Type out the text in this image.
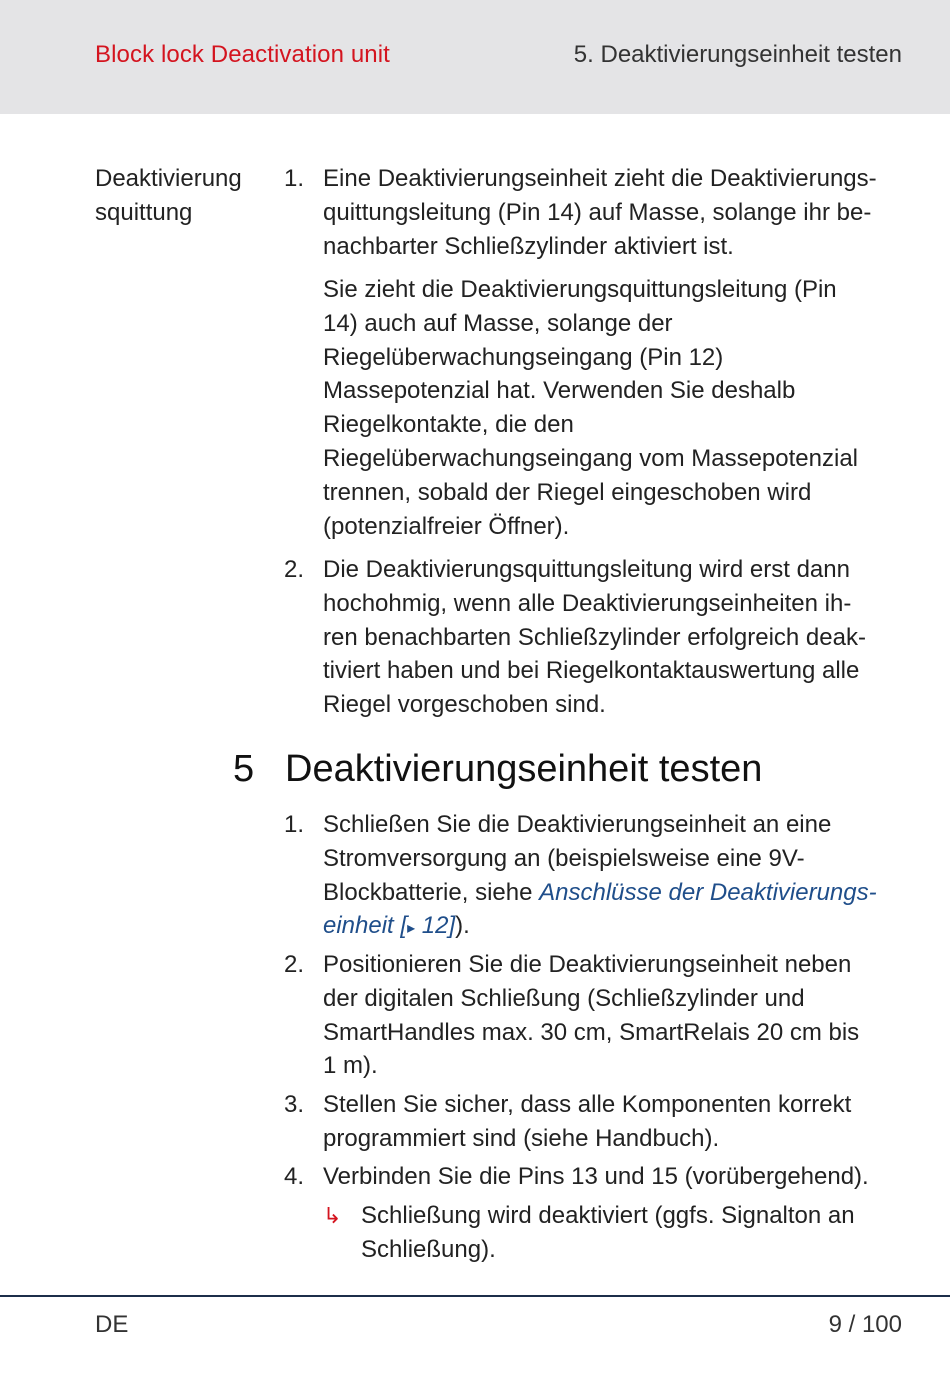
Block lock Deactivation unit	5. Deaktivierungseinheit testen
Deaktivierung
squittung
1. Eine Deaktivierungseinheit zieht die Deaktivierungs-
quittungsleitung (Pin 14) auf Masse, solange ihr be-
nachbarter Schließzylinder aktiviert ist.
Sie zieht die Deaktivierungsquittungsleitung (Pin
14) auch auf Masse, solange der
Riegelüberwachungseingang (Pin 12)
Massepotenzial hat. Verwenden Sie deshalb
Riegelkontakte, die den
Riegelüberwachungseingang vom Massepotenzial
trennen, sobald der Riegel eingeschoben wird
(potenzialfreier Öffner).
2. Die Deaktivierungsquittungsleitung wird erst dann
hochohmig, wenn alle Deaktivierungseinheiten ih-
ren benachbarten Schließzylinder erfolgreich deak-
tiviert haben und bei Riegelkontaktauswertung alle
Riegel vorgeschoben sind.
5 Deaktivierungseinheit testen
1. Schließen Sie die Deaktivierungseinheit an eine
Stromversorgung an (beispielsweise eine 9V-
Blockbatterie, siehe Anschlüsse der Deaktivierungs-
einheit [▸ 12]).
2. Positionieren Sie die Deaktivierungseinheit neben
der digitalen Schließung (Schließzylinder und
SmartHandles max. 30 cm, SmartRelais 20 cm bis
1 m).
3. Stellen Sie sicher, dass alle Komponenten korrekt
programmiert sind (siehe Handbuch).
4. Verbinden Sie die Pins 13 und 15 (vorübergehend).
↳ Schließung wird deaktiviert (ggfs. Signalton an
Schließung).
DE	9 / 100
